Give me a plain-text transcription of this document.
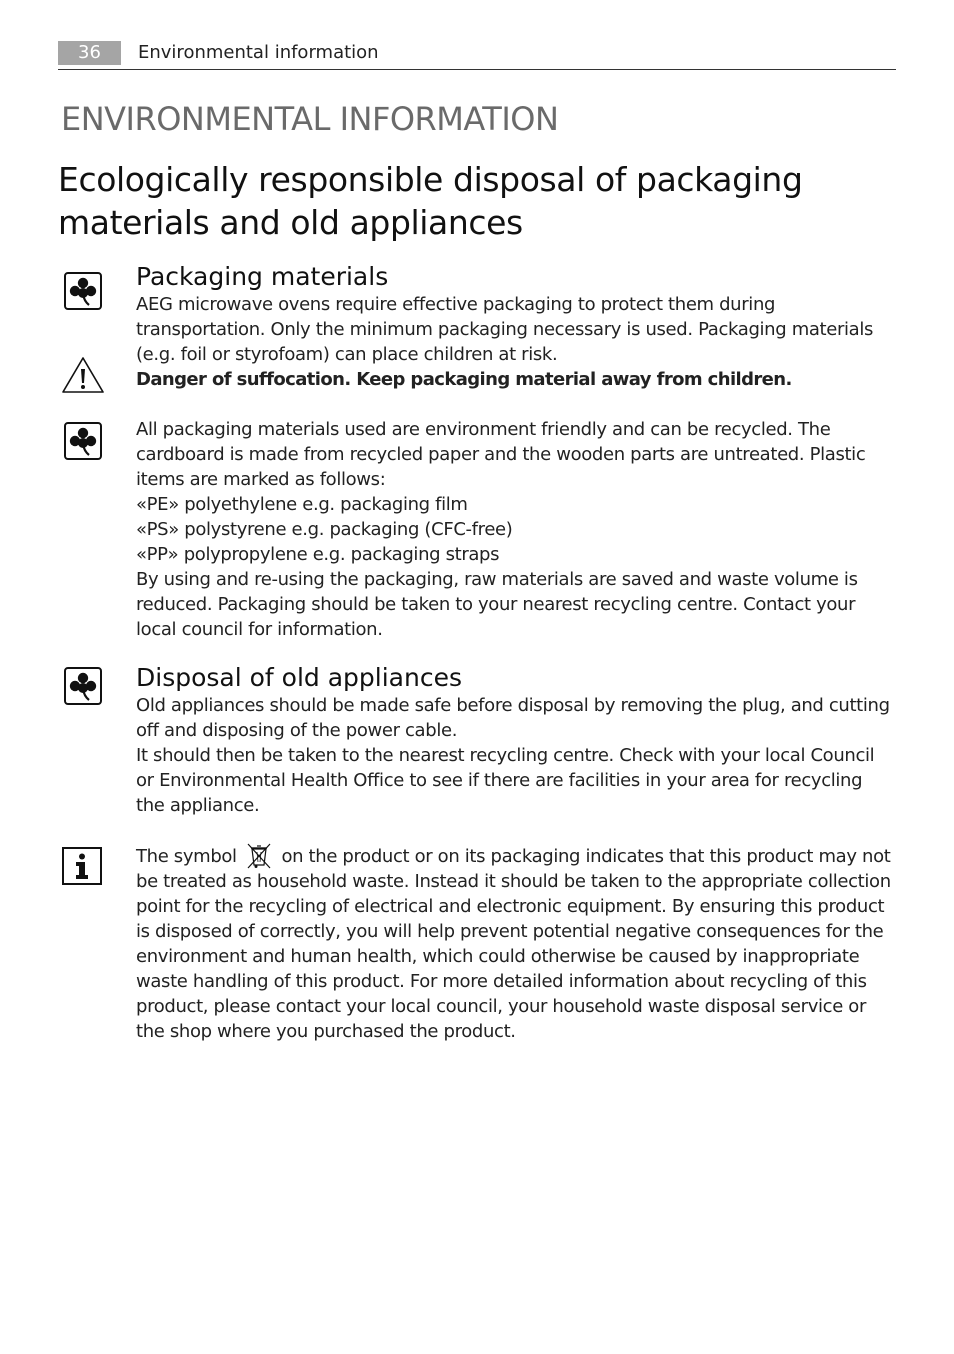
36	Environmental information
ENVIRONMENTAL INFORMATION
Ecologically responsible disposal of packaging
materials and old appliances
Packaging materials

AEG microwave ovens require effective packaging to protect them during

transportation. Only the minimum packaging necessary is used. Packaging materials

(e.g. foil or styrofoam) can place children at risk.

Danger of suffocation. Keep packaging material away from children.

All packaging materials used are environment friendly and can be recycled. The

cardboard is made from recycled paper and the wooden parts are untreated. Plastic

items are marked as follows:

«PE» polyethylene e.g. packaging film

«PS» polystyrene e.g. packaging (CFC-free)

«PP» polypropylene e.g. packaging straps

By using and re-using the packaging, raw materials are saved and waste volume is

reduced. Packaging should be taken to your nearest recycling centre. Contact your

local council for information.

Disposal of old appliances

Old appliances should be made safe before disposal by removing the plug, and cutting

off and disposing of the power cable.

It should then be taken to the nearest recycling centre. Check with your local Council

or Environmental Health Office to see if there are facilities in your area for recycling

the appliance.

The symbol on the product or on its packaging indicates that this product may not

be treated as household waste. Instead it should be taken to the appropriate collection

point for the recycling of electrical and electronic equipment. By ensuring this product

is disposed of correctly, you will help prevent potential negative consequences for the

environment and human health, which could otherwise be caused by inappropriate

waste handling of this product. For more detailed information about recycling of this

product, please contact your local council, your household waste disposal service or

the shop where you purchased the product.
